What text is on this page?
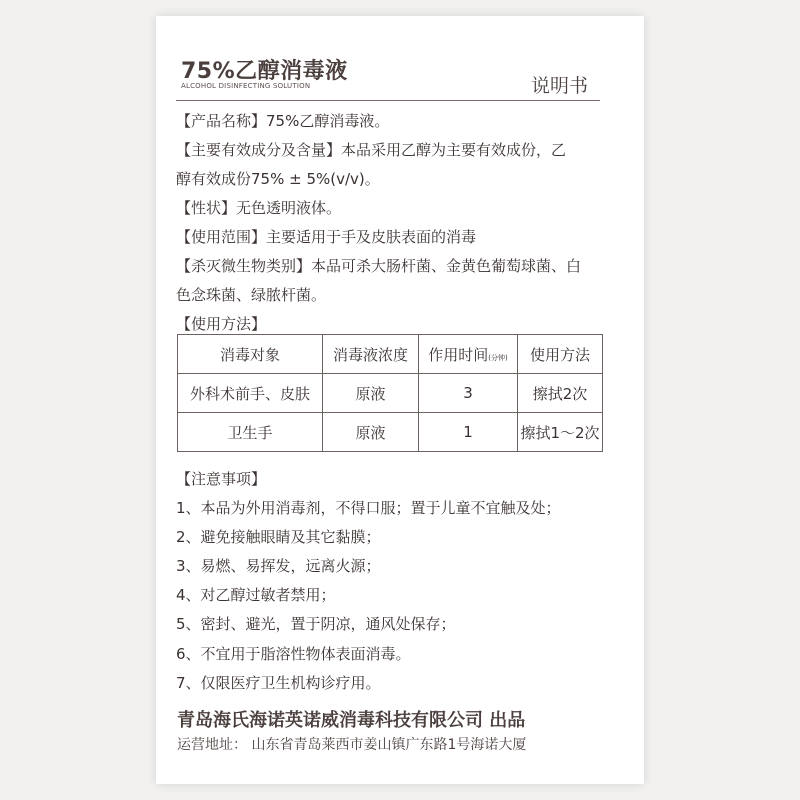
75%乙醇消毒液
ALCOHOL DISINFECTING SOLUTION	说明书
【产品名称】75%乙醇消毒液。
【主要有效成分及含量】本品采用乙醇为主要有效成份，乙
醇有效成份75% ± 5%(v/v)。
【性状】无色透明液体。
【使用范围】主要适用于手及皮肤表面的消毒
【杀灭微生物类别】本品可杀大肠杆菌、金黄色葡萄球菌、白
色念珠菌、绿脓杆菌。
【使用方法】
消毒对象	消毒液浓度	作用时间(分钟)	使用方法
外科术前手、皮肤	原液	3	擦拭2次
卫生手	原液	1	擦拭1～2次
【注意事项】
1、本品为外用消毒剂，不得口服；置于儿童不宜触及处；
2、避免接触眼睛及其它黏膜；
3、易燃、易挥发，远离火源；
4、对乙醇过敏者禁用；
5、密封、避光，置于阴凉，通风处保存；
6、不宜用于脂溶性物体表面消毒。
7、仅限医疗卫生机构诊疗用。
青岛海氏海诺英诺威消毒科技有限公司 出品
运营地址： 山东省青岛莱西市姜山镇广东路1号海诺大厦
